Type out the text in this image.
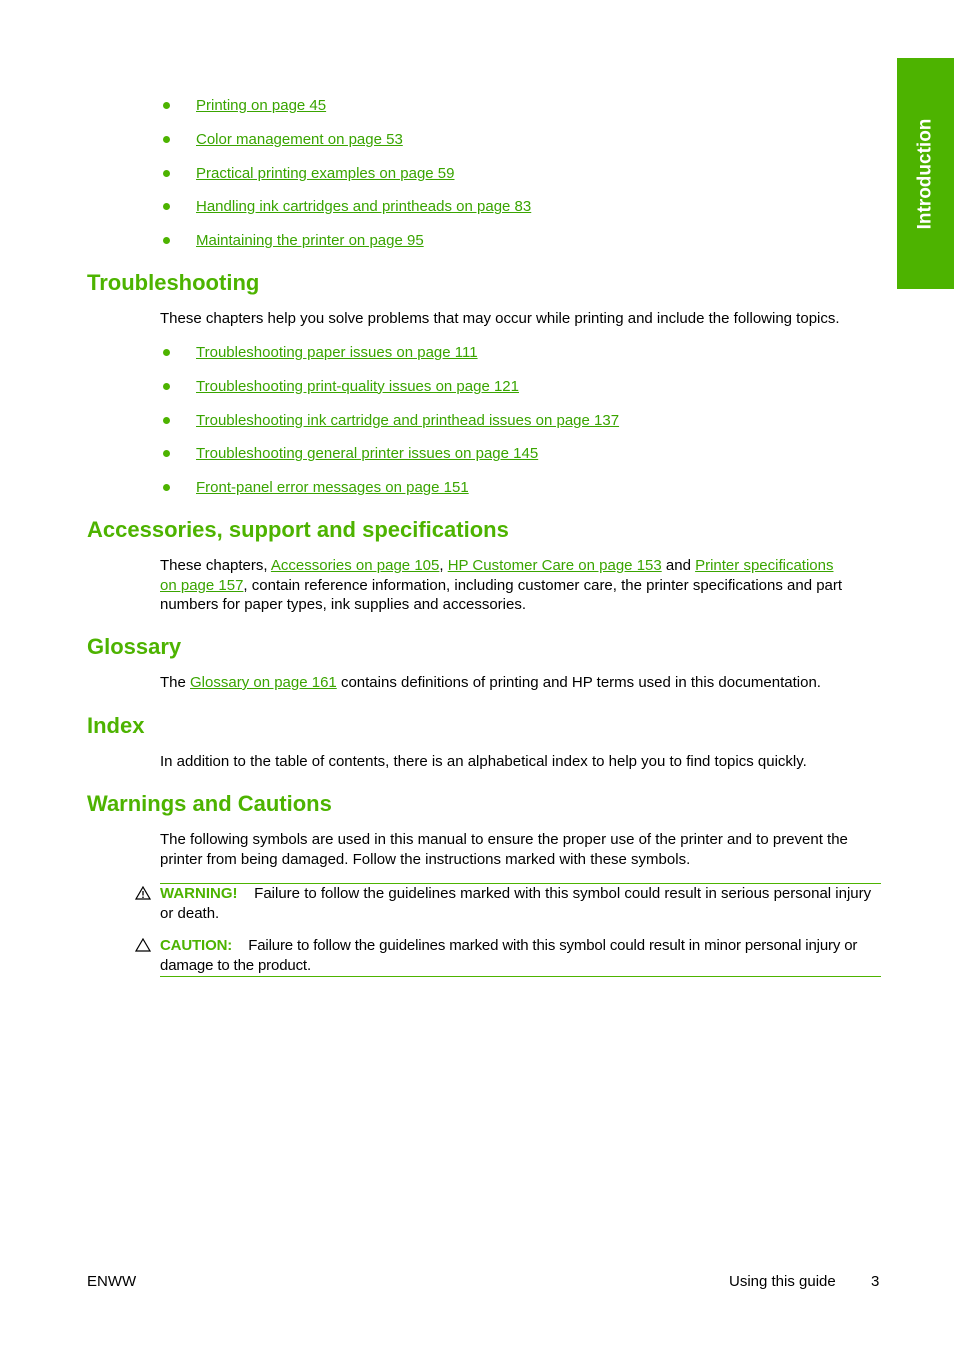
Introduction
Printing on page 45
Color management on page 53
Practical printing examples on page 59
Handling ink cartridges and printheads on page 83
Maintaining the printer on page 95
Troubleshooting

These chapters help you solve problems that may occur while printing and include the following topics.

Troubleshooting paper issues on page 111
Troubleshooting print-quality issues on page 121
Troubleshooting ink cartridge and printhead issues on page 137
Troubleshooting general printer issues on page 145
Front-panel error messages on page 151
Accessories, support and specifications

These chapters, Accessories on page 105, HP Customer Care on page 153 and Printer specifications on page 157, contain reference information, including customer care, the printer specifications and part numbers for paper types, ink supplies and accessories.

Glossary

The Glossary on page 161 contains definitions of printing and HP terms used in this documentation.

Index

In addition to the table of contents, there is an alphabetical index to help you to find topics quickly.

Warnings and Cautions

The following symbols are used in this manual to ensure the proper use of the printer and to prevent the printer from being damaged. Follow the instructions marked with these symbols.

WARNING! Failure to follow the guidelines marked with this symbol could result in serious personal injury or death.
CAUTION: Failure to follow the guidelines marked with this symbol could result in minor personal injury or damage to the product.
ENWW	Using this guide 3
